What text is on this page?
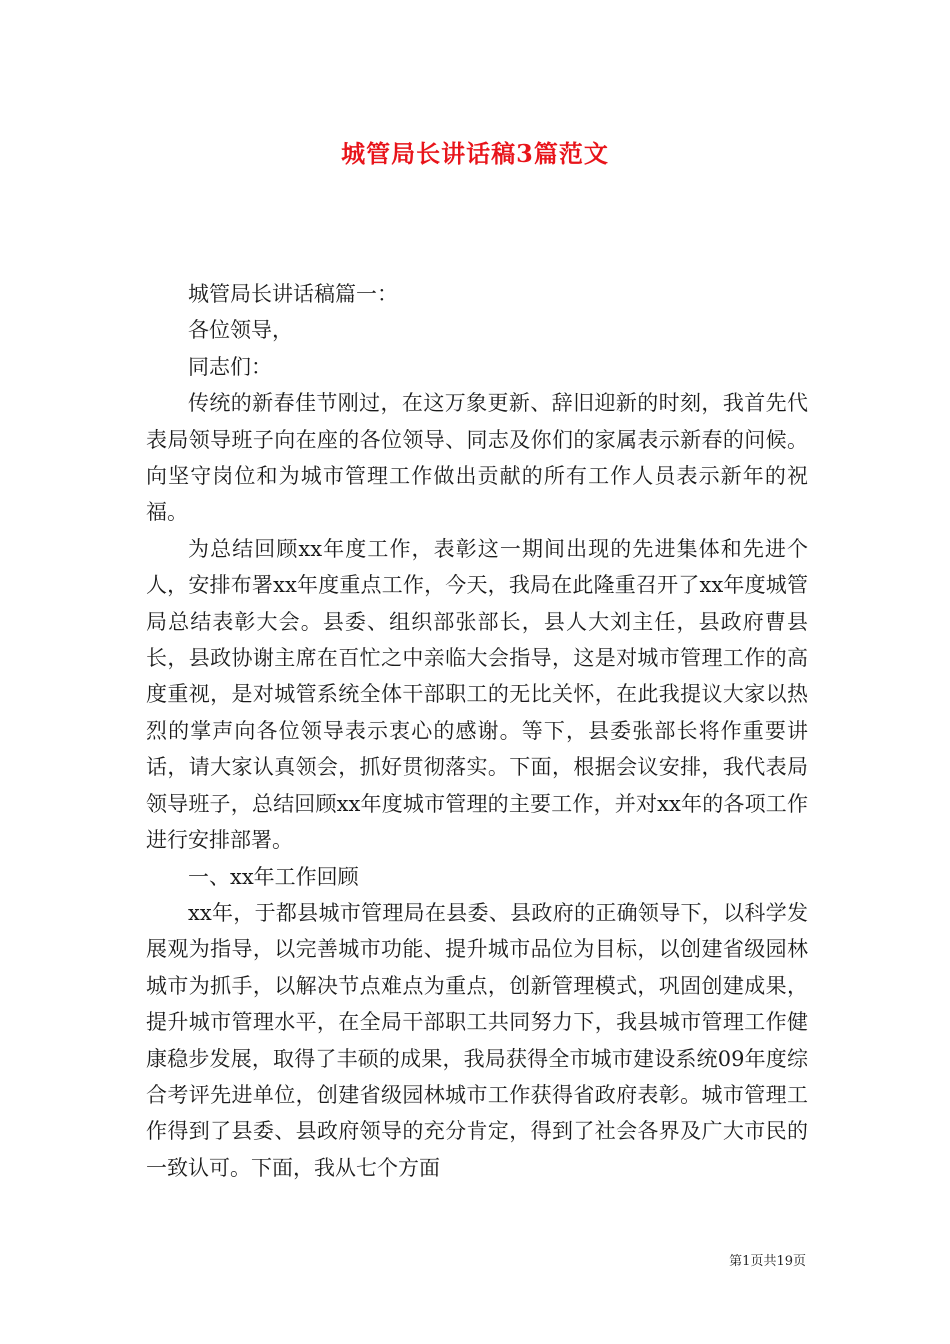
城管局长讲话稿3篇范文

城管局长讲话稿篇一：

各位领导，

同志们：

传统的新春佳节刚过，在这万象更新、辞旧迎新的时刻，我首先代表局领导班子向在座的各位领导、同志及你们的家属表示新春的问候。向坚守岗位和为城市管理工作做出贡献的所有工作人员表示新年的祝福。

为总结回顾xx年度工作，表彰这一期间出现的先进集体和先进个人，安排布署xx年度重点工作，今天，我局在此隆重召开了xx年度城管局总结表彰大会。县委、组织部张部长，县人大刘主任，县政府曹县长，县政协谢主席在百忙之中亲临大会指导，这是对城市管理工作的高度重视，是对城管系统全体干部职工的无比关怀，在此我提议大家以热烈的掌声向各位领导表示衷心的感谢。等下，县委张部长将作重要讲话，请大家认真领会，抓好贯彻落实。下面，根据会议安排，我代表局领导班子，总结回顾xx年度城市管理的主要工作，并对xx年的各项工作进行安排部署。

一、xx年工作回顾

xx年，于都县城市管理局在县委、县政府的正确领导下，以科学发展观为指导，以完善城市功能、提升城市品位为目标，以创建省级园林城市为抓手，以解决节点难点为重点，创新管理模式，巩固创建成果，提升城市管理水平，在全局干部职工共同努力下，我县城市管理工作健康稳步发展，取得了丰硕的成果，我局获得全市城市建设系统09年度综合考评先进单位，创建省级园林城市工作获得省政府表彰。城市管理工作得到了县委、县政府领导的充分肯定，得到了社会各界及广大市民的一致认可。下面，我从七个方面

第1页共19页
